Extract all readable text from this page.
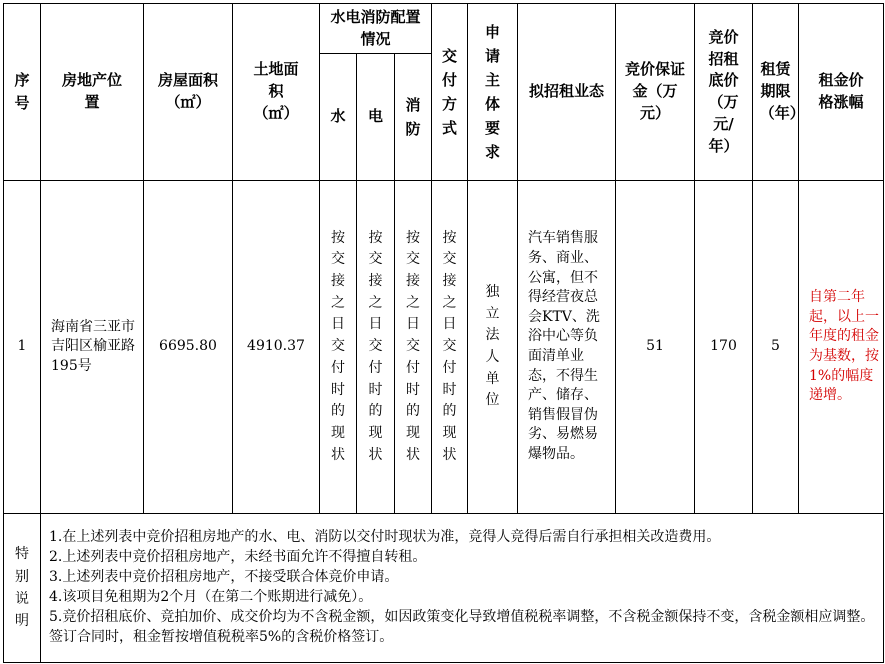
序号	房地产位置	房屋面积（㎡）	土地面积（㎡）	水电消防配置情况			交付方式	申请主体要求	拟招租业态	竞价保证金（万元）	竞价招租底价（万元/年）	租赁期限（年）	租金价格涨幅
				水	电	消防							
1	海南省三亚市吉阳区榆亚路195号	6695.80	4910.37	按交接之日交付时的现状	按交接之日交付时的现状	按交接之日交付时的现状	按交接之日交付时的现状	独立法人单位	汽车销售服务、商业、公寓，但不得经营夜总会KTV、洗浴中心等负面清单业态，不得生产、储存、销售假冒伪劣、易燃易爆物品。	51	170	5	自第二年起，以上一年度的租金为基数，按1%的幅度递增。
特别说明	1.在上述列表中竞价招租房地产的水、电、消防以交付时现状为准，竞得人竞得后需自行承担相关改造费用。
2.上述列表中竞价招租房地产，未经书面允许不得擅自转租。
3.上述列表中竞价招租房地产，不接受联合体竞价申请。
4.该项目免租期为2个月（在第二个账期进行减免）。
5.竞价招租底价、竞拍加价、成交价均为不含税金额，如因政策变化导致增值税税率调整，不含税金额保持不变，含税金额相应调整。签订合同时，租金暂按增值税税率5%的含税价格签订。												
